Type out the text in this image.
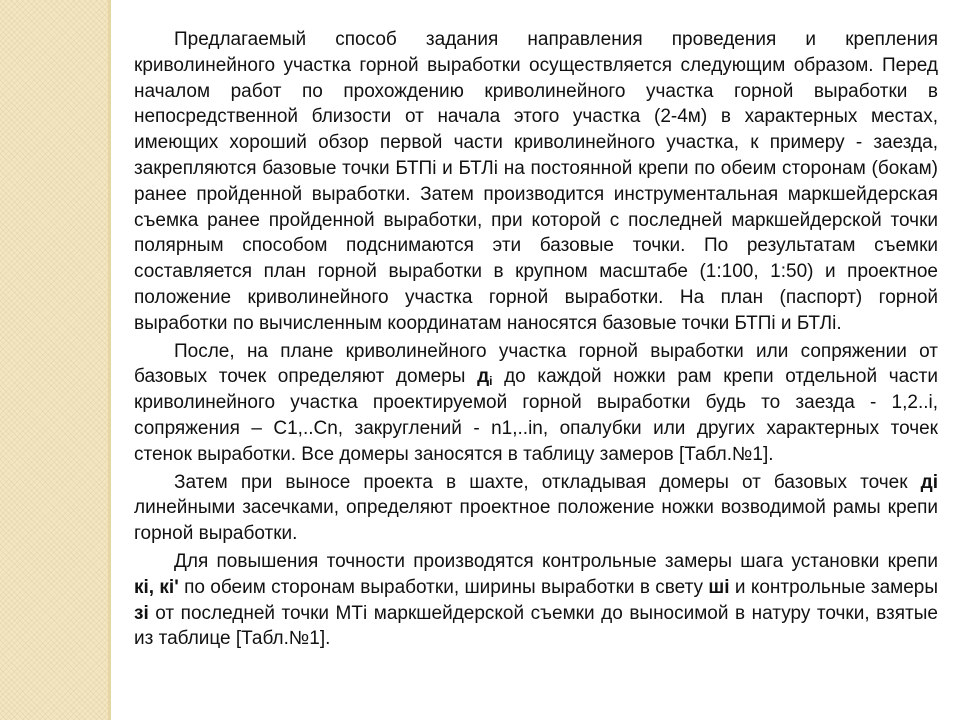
Предлагаемый способ задания направления проведения и крепления криволинейного участка горной выработки осуществляется следующим образом. Перед началом работ по прохождению криволинейного участка горной выработки в непосредственной близости от начала этого участка (2-4м) в характерных местах, имеющих хороший обзор первой части криволинейного участка, к примеру - заезда, закрепляются базовые точки БТПi и БТЛi на постоянной крепи по обеим сторонам (бокам) ранее пройденной выработки. Затем производится инструментальная маркшейдерская съемка ранее пройденной выработки, при которой с последней маркшейдерской точки полярным способом подснимаются эти базовые точки. По результатам съемки составляется план горной выработки в крупном масштабе (1:100, 1:50) и проектное положение криволинейного участка горной выработки. На план (паспорт) горной выработки по вычисленным координатам наносятся базовые точки БТПi и БТЛi.

После, на плане криволинейного участка горной выработки или сопряжении от базовых точек определяют домеры $д_i$ до каждой ножки рам крепи отдельной части криволинейного участка проектируемой горной выработки будь то заезда - 1,2..i, сопряжения – C1,..Cn, закруглений - n1,..in, опалубки или других характерных точек стенок выработки. Все домеры заносятся в таблицу замеров [Табл.№1].

Затем при выносе проекта в шахте, откладывая домеры от базовых точек дi линейными засечками, определяют проектное положение ножки возводимой рамы крепи горной выработки.

Для повышения точности производятся контрольные замеры шага установки крепи кi, кi' по обеим сторонам выработки, ширины выработки в свету шi и контрольные замеры зi от последней точки МТi маркшейдерской съемки до выносимой в натуру точки, взятые из таблице [Табл.№1].
